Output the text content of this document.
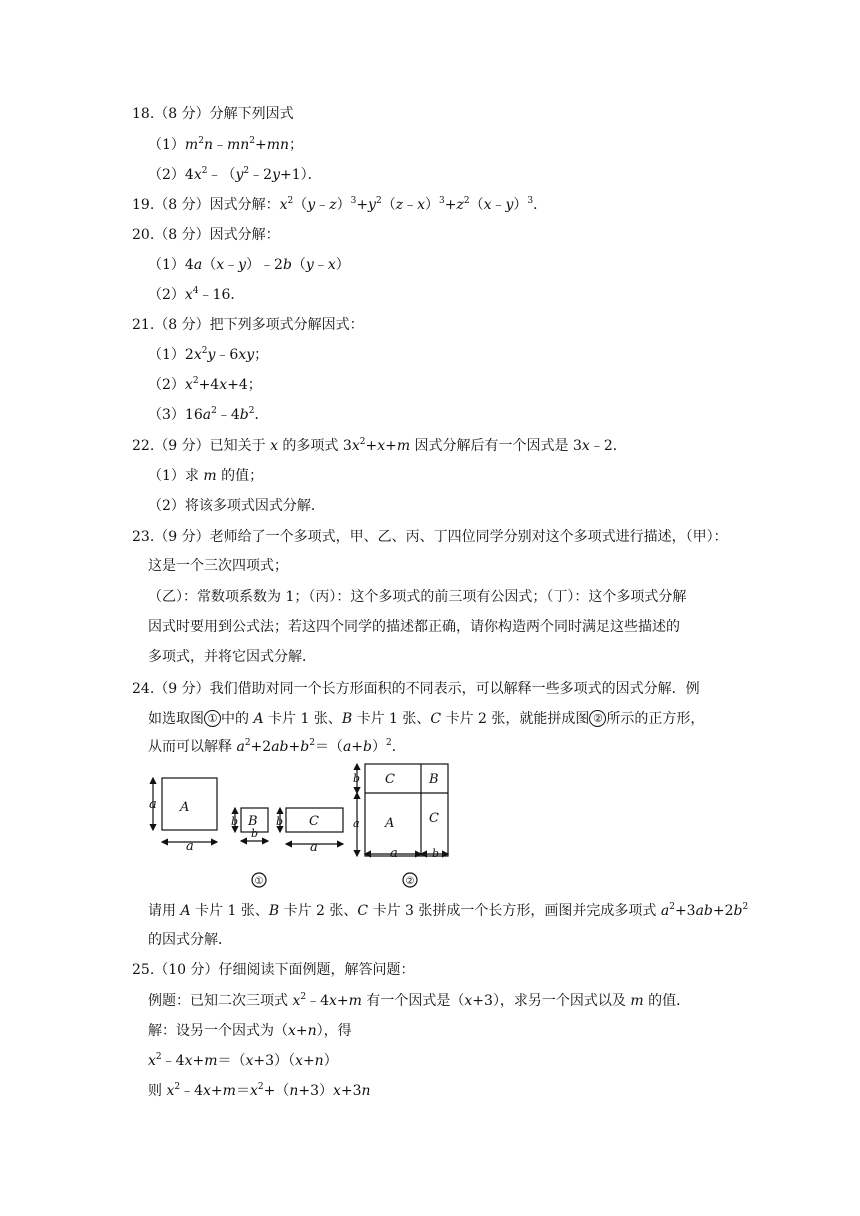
18.（8 分）分解下列因式
$(1)m^2n﹣mn^2+mn$；
$(2)4x^2﹣(y^2﹣2y+1)$．
19.（8 分）因式分解：$x^2(y﹣z)^3+y^2(z﹣x)^3+z^2(x﹣y)^3$．
20.（8 分）因式分解：
（1）4a（x﹣y）﹣2b（y﹣x）
$(2)x^4﹣16$．
21.（8 分）把下列多项式分解因式：
$(1)2x^2y﹣6xy$；
$(2)x^2+4x+4$；
$(3)16a^2﹣4b^2$．
22.（9 分）已知关于 x 的多项式 $3x^2+x+m$ 因式分解后有一个因式是 3x﹣2．
（1）求 m 的值；
（2）将该多项式因式分解．
23.（9 分）老师给了一个多项式，甲、乙、丙、丁四位同学分别对这个多项式进行描述，（甲）：
这是一个三次四项式；
（乙）：常数项系数为 1；（丙）：这个多项式的前三项有公因式；（丁）：这个多项式分解
因式时要用到公式法；若这四个同学的描述都正确，请你构造两个同时满足这些描述的
多项式，并将它因式分解．
24.（9 分）我们借助对同一个长方形面积的不同表示，可以解释一些多项式的因式分解．例
如选取图 ① 中的 A 卡片 1 张、B 卡片 1 张、C 卡片 2 张，就能拼成图 ② 所示的正方形，
从而可以解释 $a^2+2ab+b^2=(a+b)^2$．
A
a
a
B
b
b
C
b
a
C	B
A	C
b
a
a	b
①	②
请用 A 卡片 1 张、B 卡片 2 张、C 卡片 3 张拼成一个长方形，画图并完成多项式 $a^2+3ab+2b^2$
的因式分解．
25.（10 分）仔细阅读下面例题，解答问题：
例题：已知二次三项式 $x^2﹣4x+m$ 有一个因式是（x+3），求另一个因式以及 m 的值．
解：设另一个因式为（x+n），得
$x^2﹣4x+m=(x+3)(x+n)$
则 $x^2﹣4x+m=x^2+(n+3)x+3n$
